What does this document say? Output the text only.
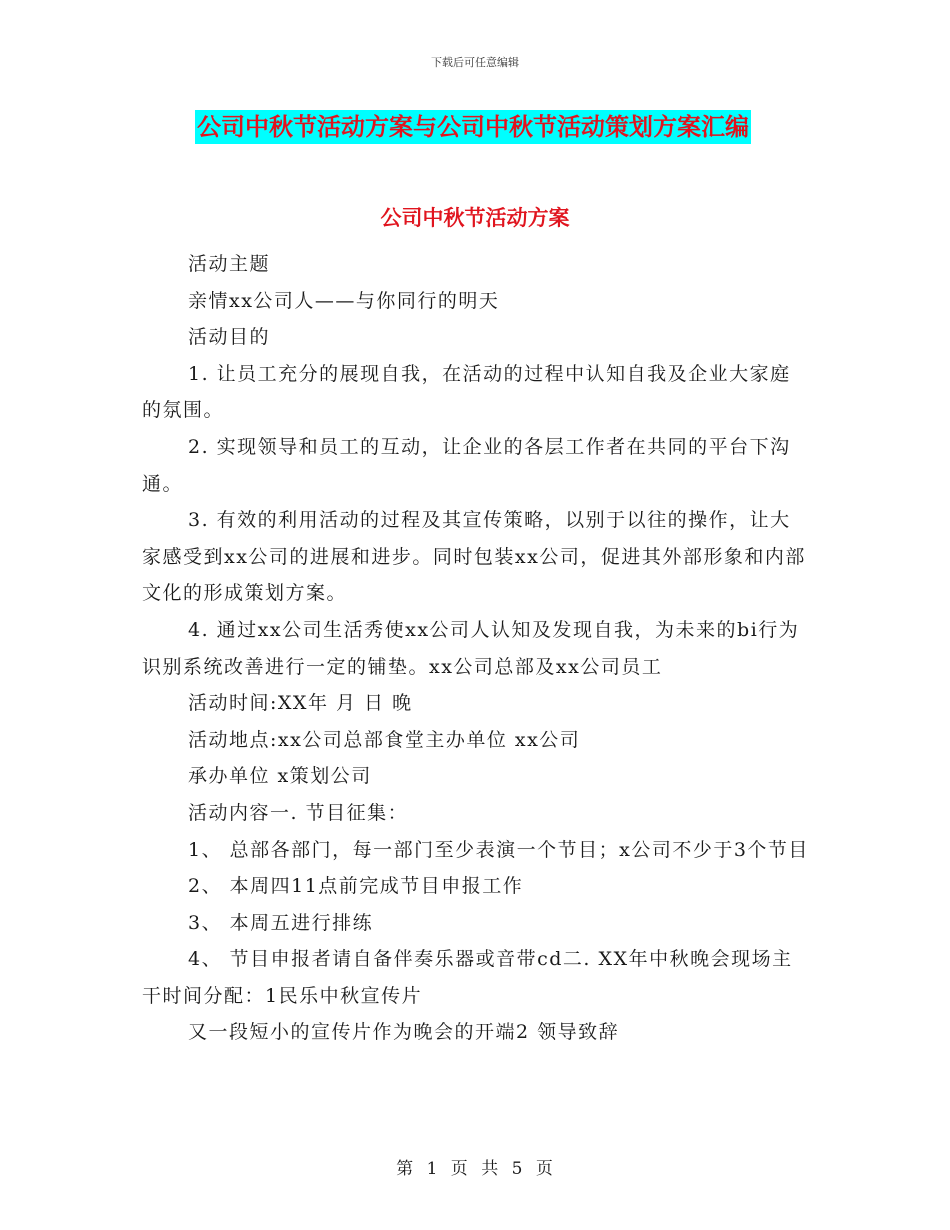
下载后可任意编辑
公司中秋节活动方案与公司中秋节活动策划方案汇编
公司中秋节活动方案

活动主题

亲情xx公司人——与你同行的明天

活动目的

1. 让员工充分的展现自我，在活动的过程中认知自我及企业大家庭的氛围。

2. 实现领导和员工的互动，让企业的各层工作者在共同的平台下沟通。

3. 有效的利用活动的过程及其宣传策略，以别于以往的操作，让大家感受到xx公司的进展和进步。同时包装xx公司，促进其外部形象和内部文化的形成策划方案。

4. 通过xx公司生活秀使xx公司人认知及发现自我，为未来的bi行为识别系统改善进行一定的铺垫。xx公司总部及xx公司员工

活动时间:XX年 月 日 晚

活动地点:xx公司总部食堂主办单位 xx公司

承办单位 x策划公司

活动内容一. 节目征集：

1、 总部各部门，每一部门至少表演一个节目；x公司不少于3个节目

2、 本周四11点前完成节目申报工作

3、 本周五进行排练

4、 节目申报者请自备伴奏乐器或音带cd二. XX年中秋晚会现场主干时间分配：1民乐中秋宣传片

又一段短小的宣传片作为晚会的开端2 领导致辞

第 1 页 共 5 页
